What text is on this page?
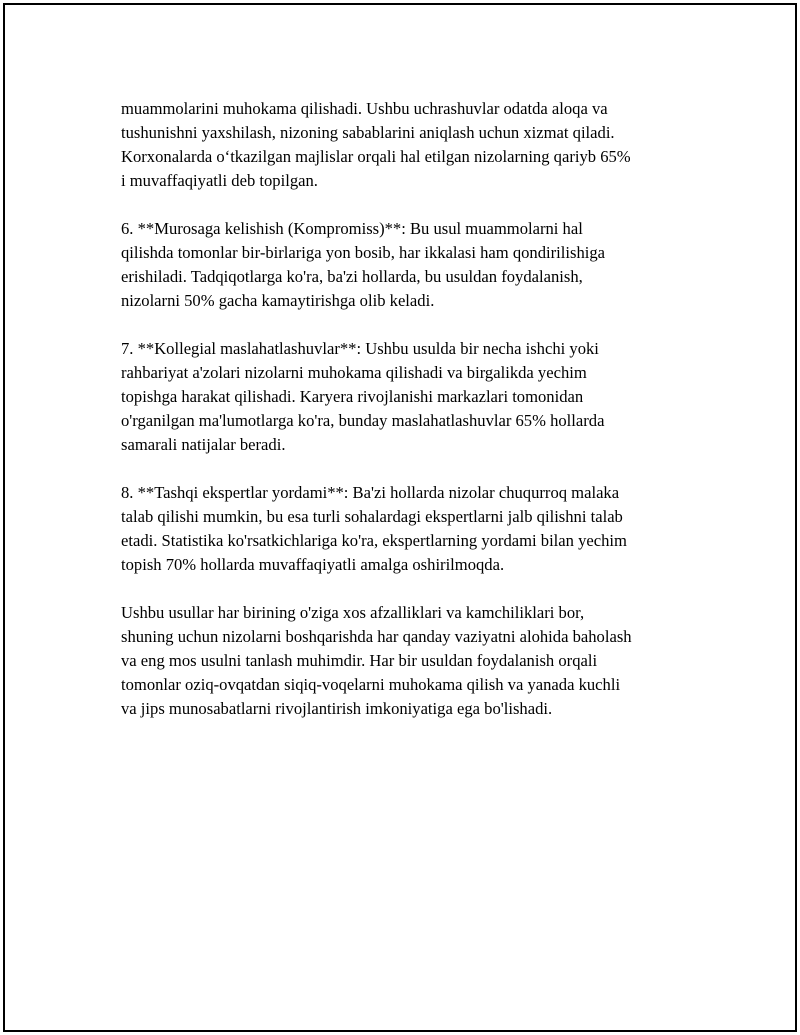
muammolarini muhokama qilishadi. Ushbu uchrashuvlar odatda aloqa va
tushunishni yaxshilash, nizoning sabablarini aniqlash uchun xizmat qiladi.
Korxonalarda o‘tkazilgan majlislar orqali hal etilgan nizolarning qariyb 65%
i muvaffaqiyatli deb topilgan.
6. **Murosaga kelishish (Kompromiss)**: Bu usul muammolarni hal
qilishda tomonlar bir-birlariga yon bosib, har ikkalasi ham qondirilishiga
erishiladi. Tadqiqotlarga ko'ra, ba'zi hollarda, bu usuldan foydalanish,
nizolarni 50% gacha kamaytirishga olib keladi.
7. **Kollegial maslahatlashuvlar**: Ushbu usulda bir necha ishchi yoki
rahbariyat a'zolari nizolarni muhokama qilishadi va birgalikda yechim
topishga harakat qilishadi. Karyera rivojlanishi markazlari tomonidan
o'rganilgan ma'lumotlarga ko'ra, bunday maslahatlashuvlar 65% hollarda
samarali natijalar beradi.
8. **Tashqi ekspertlar yordami**: Ba'zi hollarda nizolar chuqurroq malaka
talab qilishi mumkin, bu esa turli sohalardagi ekspertlarni jalb qilishni talab
etadi. Statistika ko'rsatkichlariga ko'ra, ekspertlarning yordami bilan yechim
topish 70% hollarda muvaffaqiyatli amalga oshirilmoqda.
Ushbu usullar har birining o'ziga xos afzalliklari va kamchiliklari bor,
shuning uchun nizolarni boshqarishda har qanday vaziyatni alohida baholash
va eng mos usulni tanlash muhimdir. Har bir usuldan foydalanish orqali
tomonlar oziq-ovqatdan siqiq-voqelarni muhokama qilish va yanada kuchli
va jips munosabatlarni rivojlantirish imkoniyatiga ega bo'lishadi.
